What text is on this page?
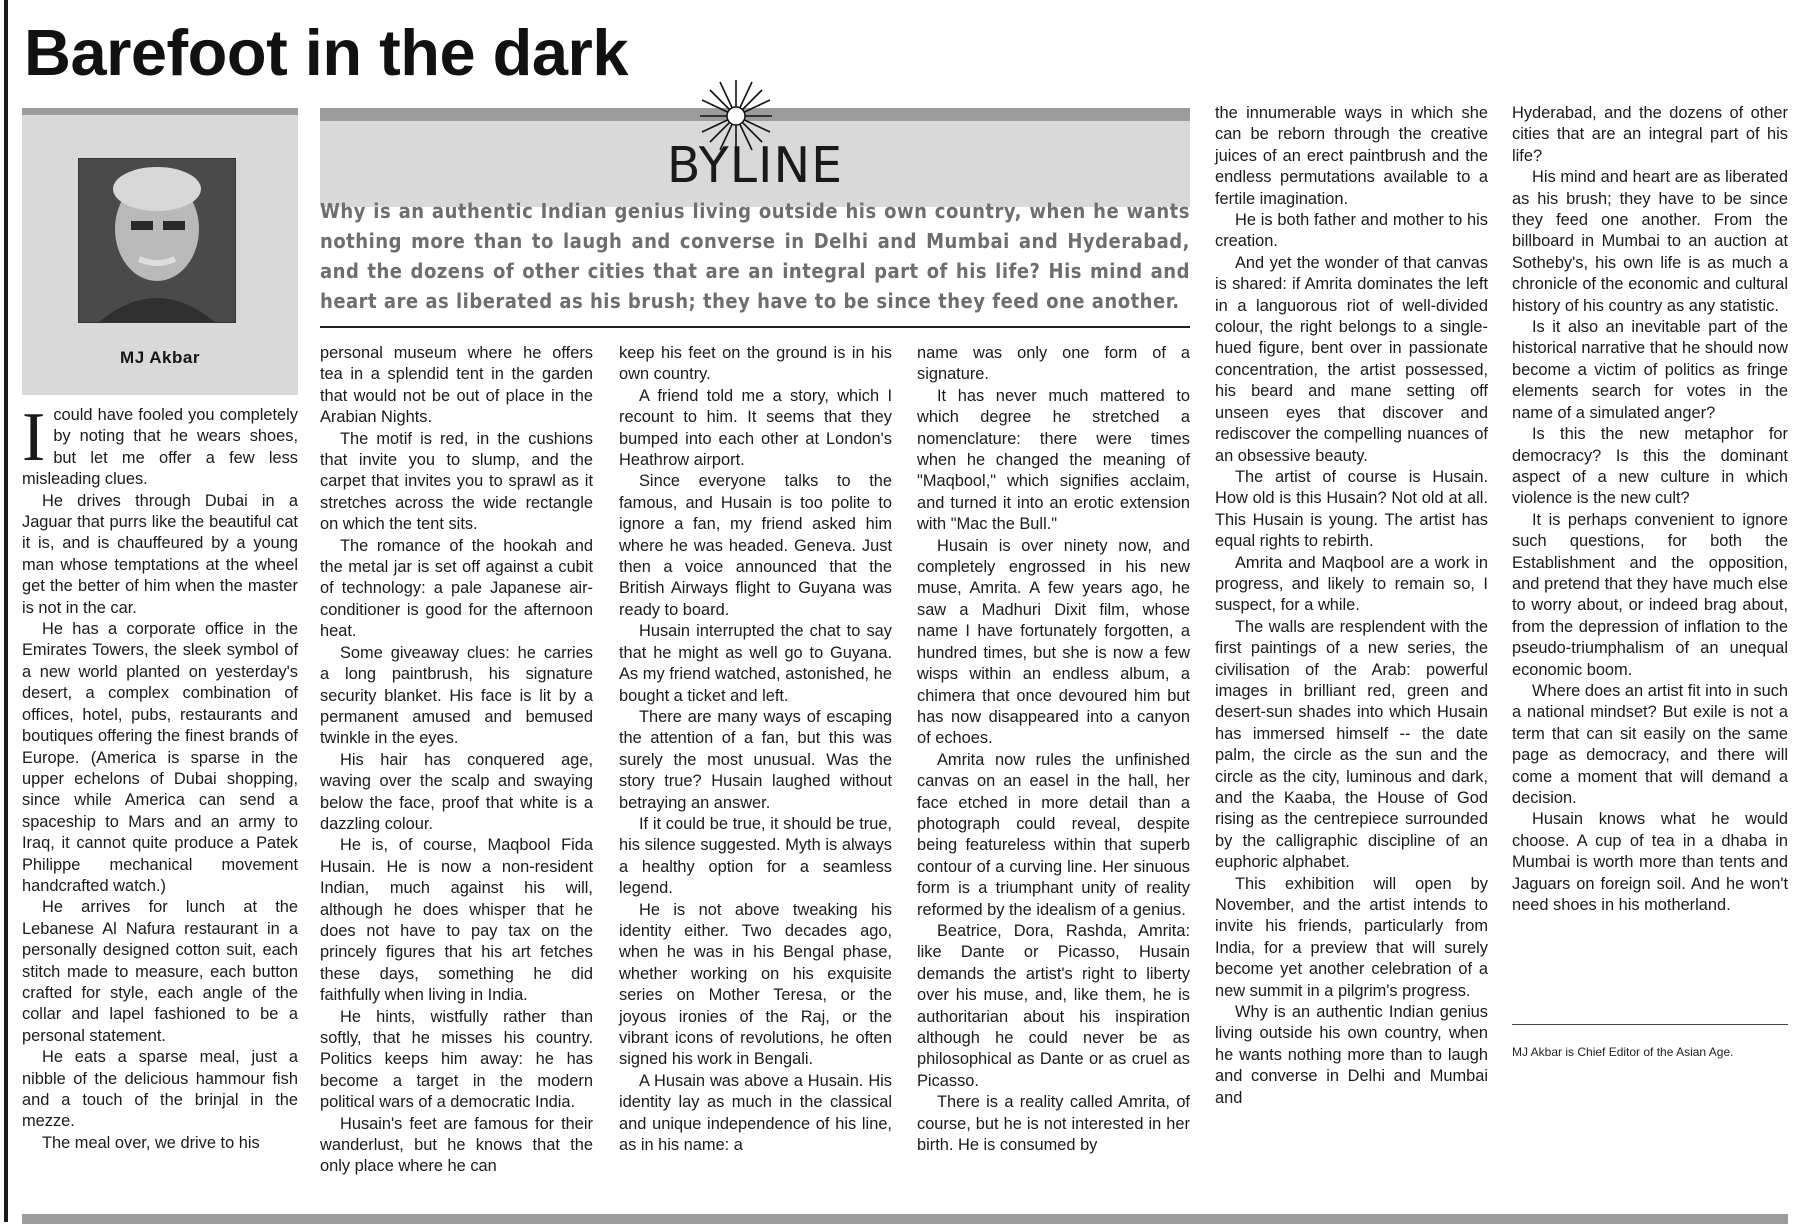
Barefoot in the dark
MJ Akbar
BYLINE
Why is an authentic Indian genius living outside his own country, when he wants nothing more than to laugh and converse in Delhi and Mumbai and Hyderabad, and the dozens of other cities that are an integral part of his life? His mind and heart are as liberated as his brush; they have to be since they feed one another.

Icould have fooled you completely by noting that he wears shoes, but let me offer a few less misleading clues.

He drives through Dubai in a Jaguar that purrs like the beautiful cat it is, and is chauffeured by a young man whose temptations at the wheel get the better of him when the master is not in the car.

He has a corporate office in the Emirates Towers, the sleek symbol of a new world planted on yesterday's desert, a complex combination of offices, hotel, pubs, restaurants and boutiques offering the finest brands of Europe. (America is sparse in the upper echelons of Dubai shopping, since while America can send a spaceship to Mars and an army to Iraq, it cannot quite produce a Patek Philippe mechanical movement handcrafted watch.)

He arrives for lunch at the Lebanese Al Nafura restaurant in a personally designed cotton suit, each stitch made to measure, each button crafted for style, each angle of the collar and lapel fashioned to be a personal statement.

He eats a sparse meal, just a nibble of the delicious hammour fish and a touch of the brinjal in the mezze.

The meal over, we drive to his

personal museum where he offers tea in a splendid tent in the garden that would not be out of place in the Arabian Nights.

The motif is red, in the cushions that invite you to slump, and the carpet that invites you to sprawl as it stretches across the wide rectangle on which the tent sits.

The romance of the hookah and the metal jar is set off against a cubit of technology: a pale Japanese air-conditioner is good for the afternoon heat.

Some giveaway clues: he carries a long paintbrush, his signature security blanket. His face is lit by a permanent amused and bemused twinkle in the eyes.

His hair has conquered age, waving over the scalp and swaying below the face, proof that white is a dazzling colour.

He is, of course, Maqbool Fida Husain. He is now a non-resident Indian, much against his will, although he does whisper that he does not have to pay tax on the princely figures that his art fetches these days, something he did faithfully when living in India.

He hints, wistfully rather than softly, that he misses his country. Politics keeps him away: he has become a target in the modern political wars of a democratic India.

Husain's feet are famous for their wanderlust, but he knows that the only place where he can

keep his feet on the ground is in his own country.

A friend told me a story, which I recount to him. It seems that they bumped into each other at London's Heathrow airport.

Since everyone talks to the famous, and Husain is too polite to ignore a fan, my friend asked him where he was headed. Geneva. Just then a voice announced that the British Airways flight to Guyana was ready to board.

Husain interrupted the chat to say that he might as well go to Guyana. As my friend watched, astonished, he bought a ticket and left.

There are many ways of escaping the attention of a fan, but this was surely the most unusual. Was the story true? Husain laughed without betraying an answer.

If it could be true, it should be true, his silence suggested. Myth is always a healthy option for a seamless legend.

He is not above tweaking his identity either. Two decades ago, when he was in his Bengal phase, whether working on his exquisite series on Mother Teresa, or the joyous ironies of the Raj, or the vibrant icons of revolutions, he often signed his work in Bengali.

A Husain was above a Husain. His identity lay as much in the classical and unique independence of his line, as in his name: a

name was only one form of a signature.

It has never much mattered to which degree he stretched a nomenclature: there were times when he changed the meaning of "Maqbool," which signifies acclaim, and turned it into an erotic extension with "Mac the Bull."

Husain is over ninety now, and completely engrossed in his new muse, Amrita. A few years ago, he saw a Madhuri Dixit film, whose name I have fortunately forgotten, a hundred times, but she is now a few wisps within an endless album, a chimera that once devoured him but has now disappeared into a canyon of echoes.

Amrita now rules the unfinished canvas on an easel in the hall, her face etched in more detail than a photograph could reveal, despite being featureless within that superb contour of a curving line. Her sinuous form is a triumphant unity of reality reformed by the idealism of a genius.

Beatrice, Dora, Rashda, Amrita: like Dante or Picasso, Husain demands the artist's right to liberty over his muse, and, like them, he is authoritarian about his inspiration although he could never be as philosophical as Dante or as cruel as Picasso.

There is a reality called Amrita, of course, but he is not interested in her birth. He is consumed by

the innumerable ways in which she can be reborn through the creative juices of an erect paintbrush and the endless permutations available to a fertile imagination.

He is both father and mother to his creation.

And yet the wonder of that canvas is shared: if Amrita dominates the left in a languorous riot of well-divided colour, the right belongs to a single-hued figure, bent over in passionate concentration, the artist possessed, his beard and mane setting off unseen eyes that discover and rediscover the compelling nuances of an obsessive beauty.

The artist of course is Husain. How old is this Husain? Not old at all. This Husain is young. The artist has equal rights to rebirth.

Amrita and Maqbool are a work in progress, and likely to remain so, I suspect, for a while.

The walls are resplendent with the first paintings of a new series, the civilisation of the Arab: powerful images in brilliant red, green and desert-sun shades into which Husain has immersed himself -- the date palm, the circle as the sun and the circle as the city, luminous and dark, and the Kaaba, the House of God rising as the centrepiece surrounded by the calligraphic discipline of an euphoric alphabet.

This exhibition will open by November, and the artist intends to invite his friends, particularly from India, for a preview that will surely become yet another celebration of a new summit in a pilgrim's progress.

Why is an authentic Indian genius living outside his own country, when he wants nothing more than to laugh and converse in Delhi and Mumbai and

Hyderabad, and the dozens of other cities that are an integral part of his life?

His mind and heart are as liberated as his brush; they have to be since they feed one another. From the billboard in Mumbai to an auction at Sotheby's, his own life is as much a chronicle of the economic and cultural history of his country as any statistic.

Is it also an inevitable part of the historical narrative that he should now become a victim of politics as fringe elements search for votes in the name of a simulated anger?

Is this the new metaphor for democracy? Is this the dominant aspect of a new culture in which violence is the new cult?

It is perhaps convenient to ignore such questions, for both the Establishment and the opposition, and pretend that they have much else to worry about, or indeed brag about, from the depression of inflation to the pseudo-triumphalism of an unequal economic boom.

Where does an artist fit into in such a national mindset? But exile is not a term that can sit easily on the same page as democracy, and there will come a moment that will demand a decision.

Husain knows what he would choose. A cup of tea in a dhaba in Mumbai is worth more than tents and Jaguars on foreign soil. And he won't need shoes in his motherland.

MJ Akbar is Chief Editor of the Asian Age.
